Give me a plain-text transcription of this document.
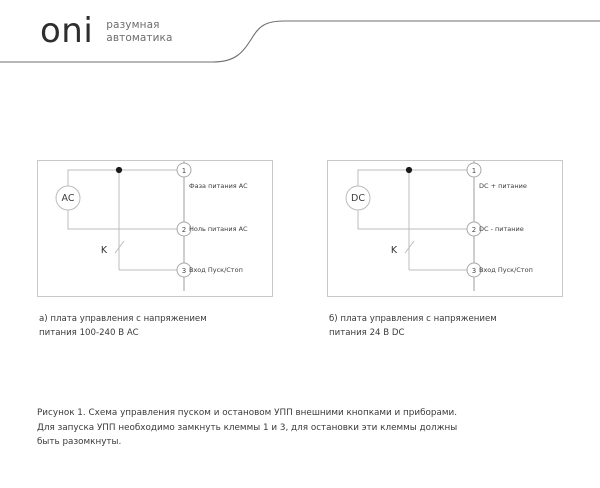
oni разумная
автоматика
AC
K
1
2
3
Фаза питания AC
Ноль питания AC
Вход Пуск/Стоп
а) плата управления с напряжением
питания 100-240 В AC
DC
K
1
2
3
DC + питание
DC - питание
Вход Пуск/Стоп
б) плата управления с напряжением
питания 24 В DC
Рисунок 1. Схема управления пуском и остановом УПП внешними кнопками и приборами.
Для запуска УПП необходимо замкнуть клеммы 1 и 3, для остановки эти клеммы должны
быть разомкнуты.
